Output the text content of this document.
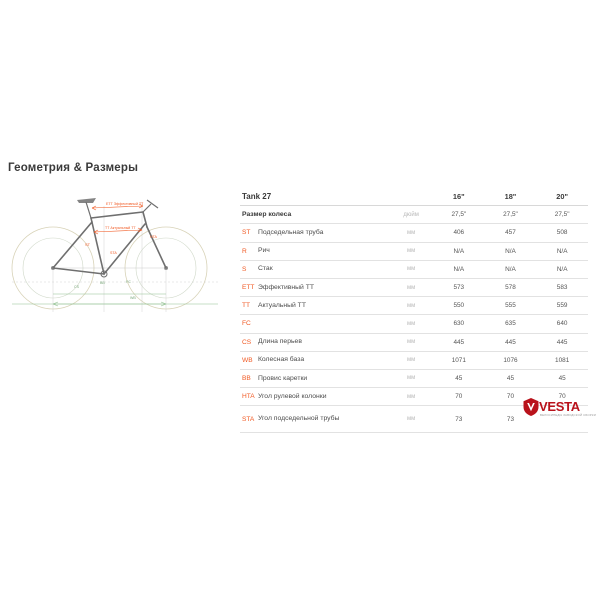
Геометрия & Размеры
ETT Эффективный ТТ
TT Актуальный ТТ
ST
HTA
STA
CS
WB
BB	FC
Tank 27			16"	18"	20"
Размер колеса		дюйм	27,5"	27,5"	27,5"
ST	Подседельная труба	мм	406	457	508
R	Рич	мм	N/A	N/A	N/A
S	Стак	мм	N/A	N/A	N/A
ETT	Эффективный ТТ	мм	573	578	583
TT	Актуальный ТТ	мм	550	555	559
FC		мм	630	635	640
CS	Длина перьев	мм	445	445	445
WB	Колесная база	мм	1071	1076	1081
BB	Провис каретки	мм	45	45	45
HTA	Угол рулевой колонки	мм	70	70	70
STA	Угол подседельной трубы	мм	73	73	
VESTA
ВЕЛОСИПЕДЫ ЗАВОДСКОЙ СБОРКИ
